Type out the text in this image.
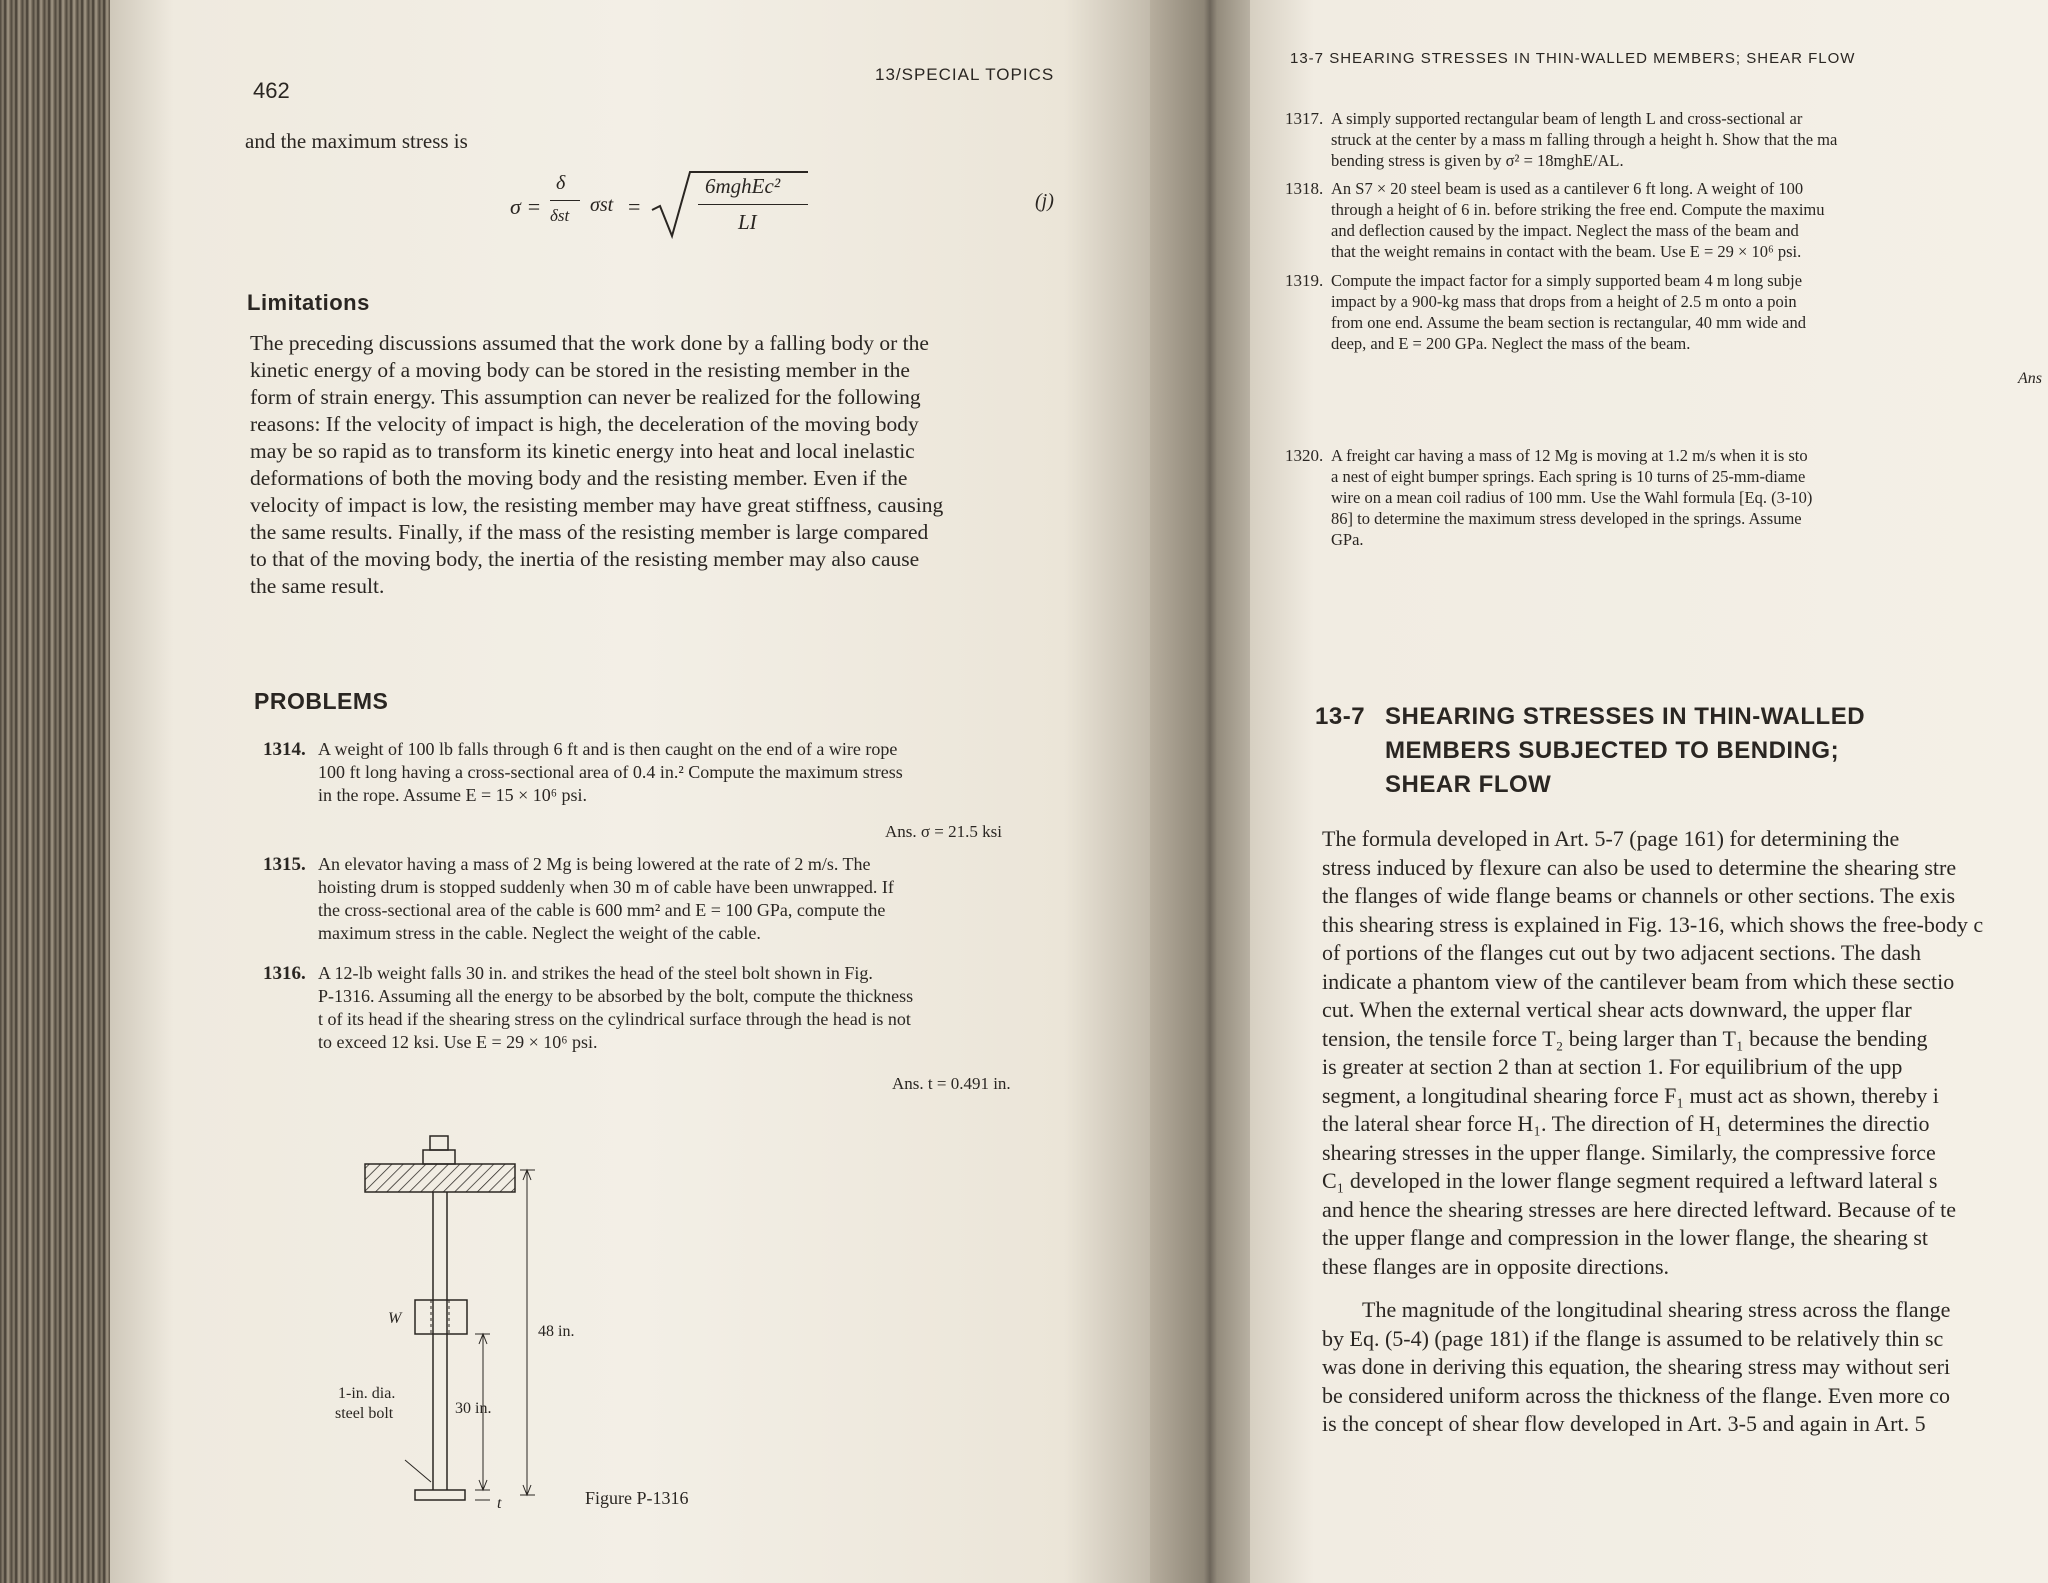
462
13/SPECIAL TOPICS
and the maximum stress is
σ =
δ
δst σst =
6mghEc²
LI
(j)
Limitations
The preceding discussions assumed that the work done by a falling body or the
kinetic energy of a moving body can be stored in the resisting member in the
form of strain energy. This assumption can never be realized for the following
reasons: If the velocity of impact is high, the deceleration of the moving body
may be so rapid as to transform its kinetic energy into heat and local inelastic
deformations of both the moving body and the resisting member. Even if the
velocity of impact is low, the resisting member may have great stiffness, causing
the same results. Finally, if the mass of the resisting member is large compared
to that of the moving body, the inertia of the resisting member may also cause
the same result.
PROBLEMS
1314. A weight of 100 lb falls through 6 ft and is then caught on the end of a wire rope
100 ft long having a cross-sectional area of 0.4 in.² Compute the maximum stress
in the rope. Assume E = 15 × 10⁶ psi.
Ans. σ = 21.5 ksi
1315. An elevator having a mass of 2 Mg is being lowered at the rate of 2 m/s. The
hoisting drum is stopped suddenly when 30 m of cable have been unwrapped. If
the cross-sectional area of the cable is 600 mm² and E = 100 GPa, compute the
maximum stress in the cable. Neglect the weight of the cable.
1316. A 12-lb weight falls 30 in. and strikes the head of the steel bolt shown in Fig.
P-1316. Assuming all the energy to be absorbed by the bolt, compute the thickness
t of its head if the shearing stress on the cylindrical surface through the head is not
to exceed 12 ksi. Use E = 29 × 10⁶ psi.
Ans. t = 0.491 in.
W
48 in.
30 in.
1-in. dia.
steel bolt
t	Figure P-1316
13-7 SHEARING STRESSES IN THIN-WALLED MEMBERS; SHEAR FLOW
1317. A simply supported rectangular beam of length L and cross-sectional ar
struck at the center by a mass m falling through a height h. Show that the ma
bending stress is given by σ² = 18mghE/AL.
1318. An S7 × 20 steel beam is used as a cantilever 6 ft long. A weight of 100
through a height of 6 in. before striking the free end. Compute the maximu
and deflection caused by the impact. Neglect the mass of the beam and
that the weight remains in contact with the beam. Use E = 29 × 10⁶ psi.
1319. Compute the impact factor for a simply supported beam 4 m long subje
impact by a 900-kg mass that drops from a height of 2.5 m onto a poin
from one end. Assume the beam section is rectangular, 40 mm wide and
deep, and E = 200 GPa. Neglect the mass of the beam.
Ans
1320. A freight car having a mass of 12 Mg is moving at 1.2 m/s when it is sto
a nest of eight bumper springs. Each spring is 10 turns of 25-mm-diame
wire on a mean coil radius of 100 mm. Use the Wahl formula [Eq. (3-10)
86] to determine the maximum stress developed in the springs. Assume
GPa.
13-7 SHEARING STRESSES IN THIN-WALLED
MEMBERS SUBJECTED TO BENDING;
SHEAR FLOW
The formula developed in Art. 5-7 (page 161) for determining the
stress induced by flexure can also be used to determine the shearing stre
the flanges of wide flange beams or channels or other sections. The exis
this shearing stress is explained in Fig. 13-16, which shows the free-body c
of portions of the flanges cut out by two adjacent sections. The dash
indicate a phantom view of the cantilever beam from which these sectio
cut. When the external vertical shear acts downward, the upper flar
tension, the tensile force T₂ being larger than T₁ because the bending
is greater at section 2 than at section 1. For equilibrium of the upp
segment, a longitudinal shearing force F₁ must act as shown, thereby i
the lateral shear force H₁. The direction of H₁ determines the directio
shearing stresses in the upper flange. Similarly, the compressive force
C₁ developed in the lower flange segment required a leftward lateral s
and hence the shearing stresses are here directed leftward. Because of te
the upper flange and compression in the lower flange, the shearing st
these flanges are in opposite directions.
The magnitude of the longitudinal shearing stress across the flange
by Eq. (5-4) (page 181) if the flange is assumed to be relatively thin sc
was done in deriving this equation, the shearing stress may without seri
be considered uniform across the thickness of the flange. Even more co
is the concept of shear flow developed in Art. 3-5 and again in Art. 5
